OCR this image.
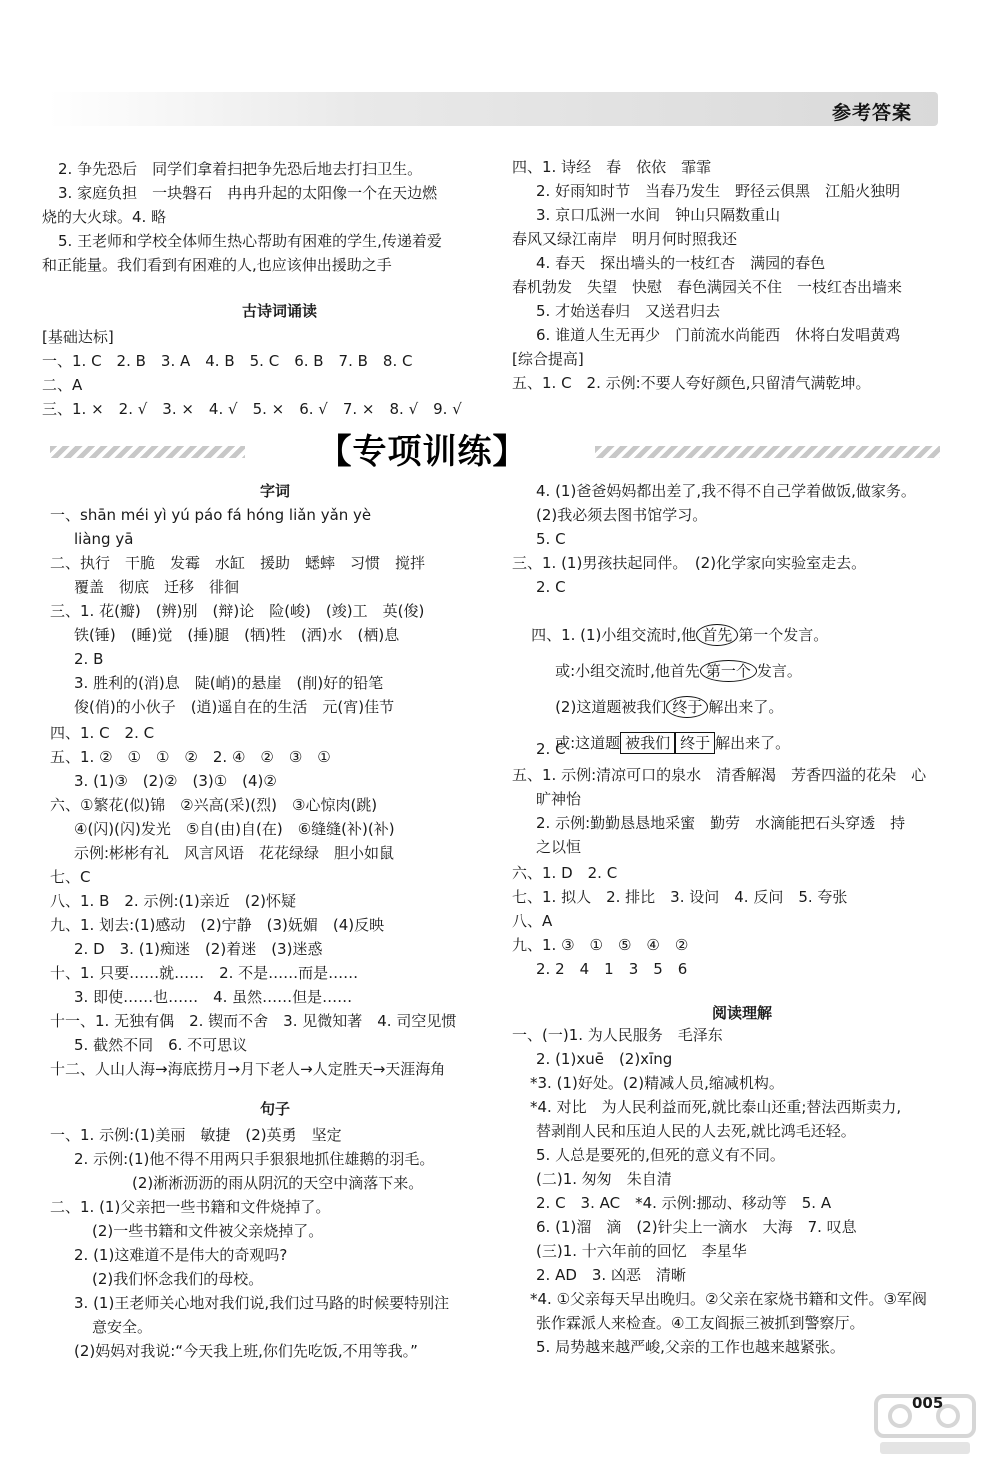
参考答案
2. 争先恐后　同学们拿着扫把争先恐后地去打扫卫生。
3. 家庭负担　一块磐石　冉冉升起的太阳像一个在天边燃
烧的大火球。4. 略
5. 王老师和学校全体师生热心帮助有困难的学生,传递着爱
和正能量。我们看到有困难的人,也应该伸出援助之手
古诗词诵读
[基础达标]
一、1. C　2. B　3. A　4. B　5. C　6. B　7. B　8. C
二、A
三、1. ×　2. √　3. ×　4. √　5. ×　6. √　7. ×　8. √　9. √
四、1. 诗经　春　依依　霏霏
2. 好雨知时节　当春乃发生　野径云俱黑　江船火独明
3. 京口瓜洲一水间　钟山只隔数重山
春风又绿江南岸　明月何时照我还
4. 春天　探出墙头的一枝红杏　满园的春色
春机勃发　失望　快慰　春色满园关不住　一枝红杏出墙来
5. 才始送春归　又送君归去
6. 谁道人生无再少　门前流水尚能西　休将白发唱黄鸡
[综合提高]
五、1. C　2. 示例:不要人夸好颜色,只留清气满乾坤。
【专项训练】
字词
一、shān méi yì yú páo fá hóng liǎn yǎn yè
liàng yā
二、执行　干脆　发霉　水缸　援助　蟋蟀　习惯　搅拌
覆盖　彻底　迁移　徘徊
三、1. 花(瓣)　(辨)别　(辩)论　险(峻)　(竣)工　英(俊)
铁(锤)　(睡)觉　(捶)腿　(牺)牲　(洒)水　(栖)息
2. B
3. 胜利的(消)息　陡(峭)的悬崖　(削)好的铅笔
俊(俏)的小伙子　(逍)遥自在的生活　元(宵)佳节
四、1. C　2. C
五、1. ②　①　①　②　2. ④　②　③　①
3. (1)③　(2)②　(3)①　(4)②
六、①繁花(似)锦　②兴高(采)(烈)　③心惊肉(跳)
④(闪)(闪)发光　⑤自(由)自(在)　⑥缝缝(补)(补)
示例:彬彬有礼　风言风语　花花绿绿　胆小如鼠
七、C
八、1. B　2. 示例:(1)亲近　(2)怀疑
九、1. 划去:(1)感动　(2)宁静　(3)妩媚　(4)反映
2. D　3. (1)痴迷　(2)着迷　(3)迷惑
十、1. 只要……就……　2. 不是……而是……
3. 即使……也……　4. 虽然……但是……
十一、1. 无独有偶　2. 锲而不舍　3. 见微知著　4. 司空见惯
5. 截然不同　6. 不可思议
十二、人山人海→海底捞月→月下老人→人定胜天→天涯海角
句子
一、1. 示例:(1)美丽　敏捷　(2)英勇　坚定
2. 示例:(1)他不得不用两只手狠狠地抓住雄鹅的羽毛。
(2)淅淅沥沥的雨从阴沉的天空中滴落下来。
二、1. (1)父亲把一些书籍和文件烧掉了。
(2)一些书籍和文件被父亲烧掉了。
2. (1)这难道不是伟大的奇观吗?
(2)我们怀念我们的母校。
3. (1)王老师关心地对我们说,我们过马路的时候要特别注
意安全。
(2)妈妈对我说:“今天我上班,你们先吃饭,不用等我。”
4. (1)爸爸妈妈都出差了,我不得不自己学着做饭,做家务。
(2)我必须去图书馆学习。
5. C
三、1. (1)男孩扶起同伴。　(2)化学家向实验室走去。
2. C

四、1. (1)小组交流时,他 首先 第一个发言。

或:小组交流时,他首先 第一个 发言。

(2)这道题被我们 终于 解出来了。

或:这道题 被我们 终于 解出来了。

2. C
五、1. 示例:清凉可口的泉水　清香解渴　芳香四溢的花朵　心
旷神怡
2. 示例:勤勤恳恳地采蜜　勤劳　水滴能把石头穿透　持
之以恒
六、1. D　2. C
七、1. 拟人　2. 排比　3. 设问　4. 反问　5. 夸张
八、A
九、1. ③　①　⑤　④　②
2. 2　4　1　3　5　6
阅读理解
一、(一)1. 为人民服务　毛泽东
2. (1)xuē　(2)xīng
*3. (1)好处。(2)精减人员,缩减机构。
*4. 对比　为人民利益而死,就比泰山还重;替法西斯卖力,
替剥削人民和压迫人民的人去死,就比鸿毛还轻。
5. 人总是要死的,但死的意义有不同。
(二)1. 匆匆　朱自清
2. C　3. AC　*4. 示例:挪动、移动等　5. A
6. (1)溜　滴　(2)针尖上一滴水　大海　7. 叹息
(三)1. 十六年前的回忆　李星华
2. AD　3. 凶恶　清晰
*4. ①父亲每天早出晚归。②父亲在家烧书籍和文件。③军阀
张作霖派人来检查。④工友阎振三被抓到警察厅。
5. 局势越来越严峻,父亲的工作也越来越紧张。
005
